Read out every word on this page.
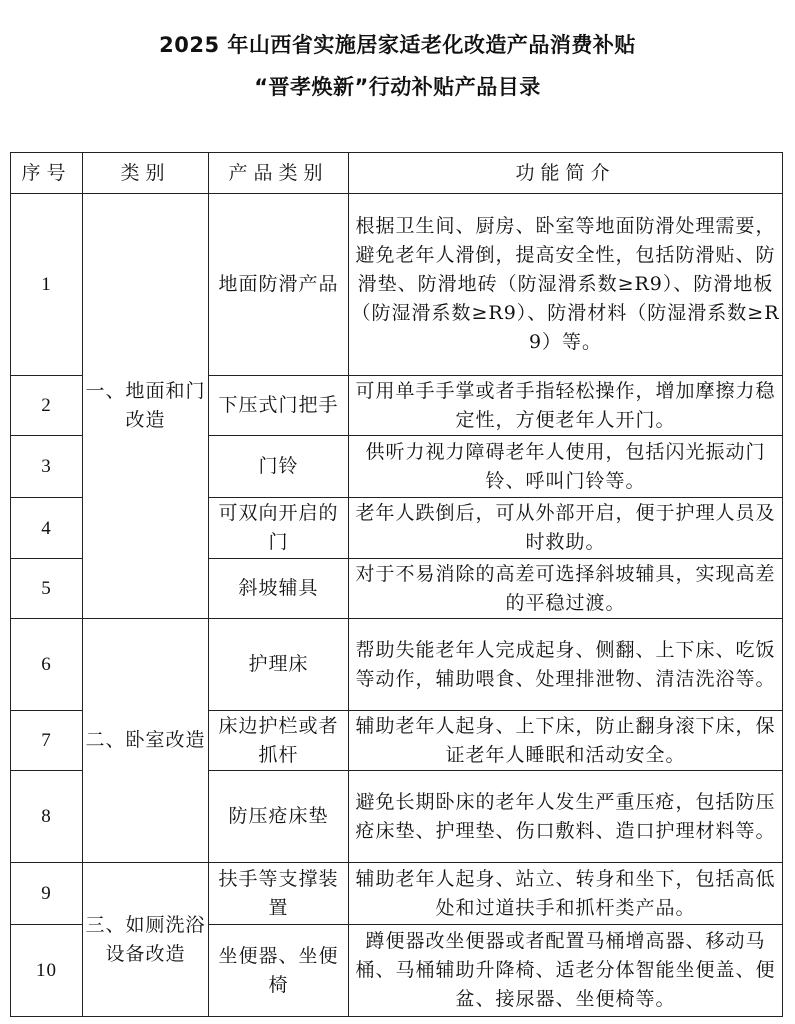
2025 年山西省实施居家适老化改造产品消费补贴
“晋孝焕新”行动补贴产品目录
序号	类别	产品类别	功能简介
1	一、地面和门改造	地面防滑产品	根据卫生间、厨房、卧室等地面防滑处理需要，避免老年人滑倒，提高安全性，包括防滑贴、防滑垫、防滑地砖（防湿滑系数≥R9）、防滑地板（防湿滑系数≥R9）、防滑材料（防湿滑系数≥R9）等。
2		下压式门把手	可用单手手掌或者手指轻松操作，增加摩擦力稳定性，方便老年人开门。
3		门铃	供听力视力障碍老年人使用，包括闪光振动门铃、呼叫门铃等。
4		可双向开启的门	老年人跌倒后，可从外部开启，便于护理人员及时救助。
5		斜坡辅具	对于不易消除的高差可选择斜坡辅具，实现高差的平稳过渡。
6	二、卧室改造	护理床	帮助失能老年人完成起身、侧翻、上下床、吃饭等动作，辅助喂食、处理排泄物、清洁洗浴等。
7		床边护栏或者抓杆	辅助老年人起身、上下床，防止翻身滚下床，保证老年人睡眠和活动安全。
8		防压疮床垫	避免长期卧床的老年人发生严重压疮，包括防压疮床垫、护理垫、伤口敷料、造口护理材料等。
9	三、如厕洗浴设备改造	扶手等支撑装置	辅助老年人起身、站立、转身和坐下，包括高低处和过道扶手和抓杆类产品。
10		坐便器、坐便椅	蹲便器改坐便器或者配置马桶增高器、移动马桶、马桶辅助升降椅、适老分体智能坐便盖、便盆、接尿器、坐便椅等。
